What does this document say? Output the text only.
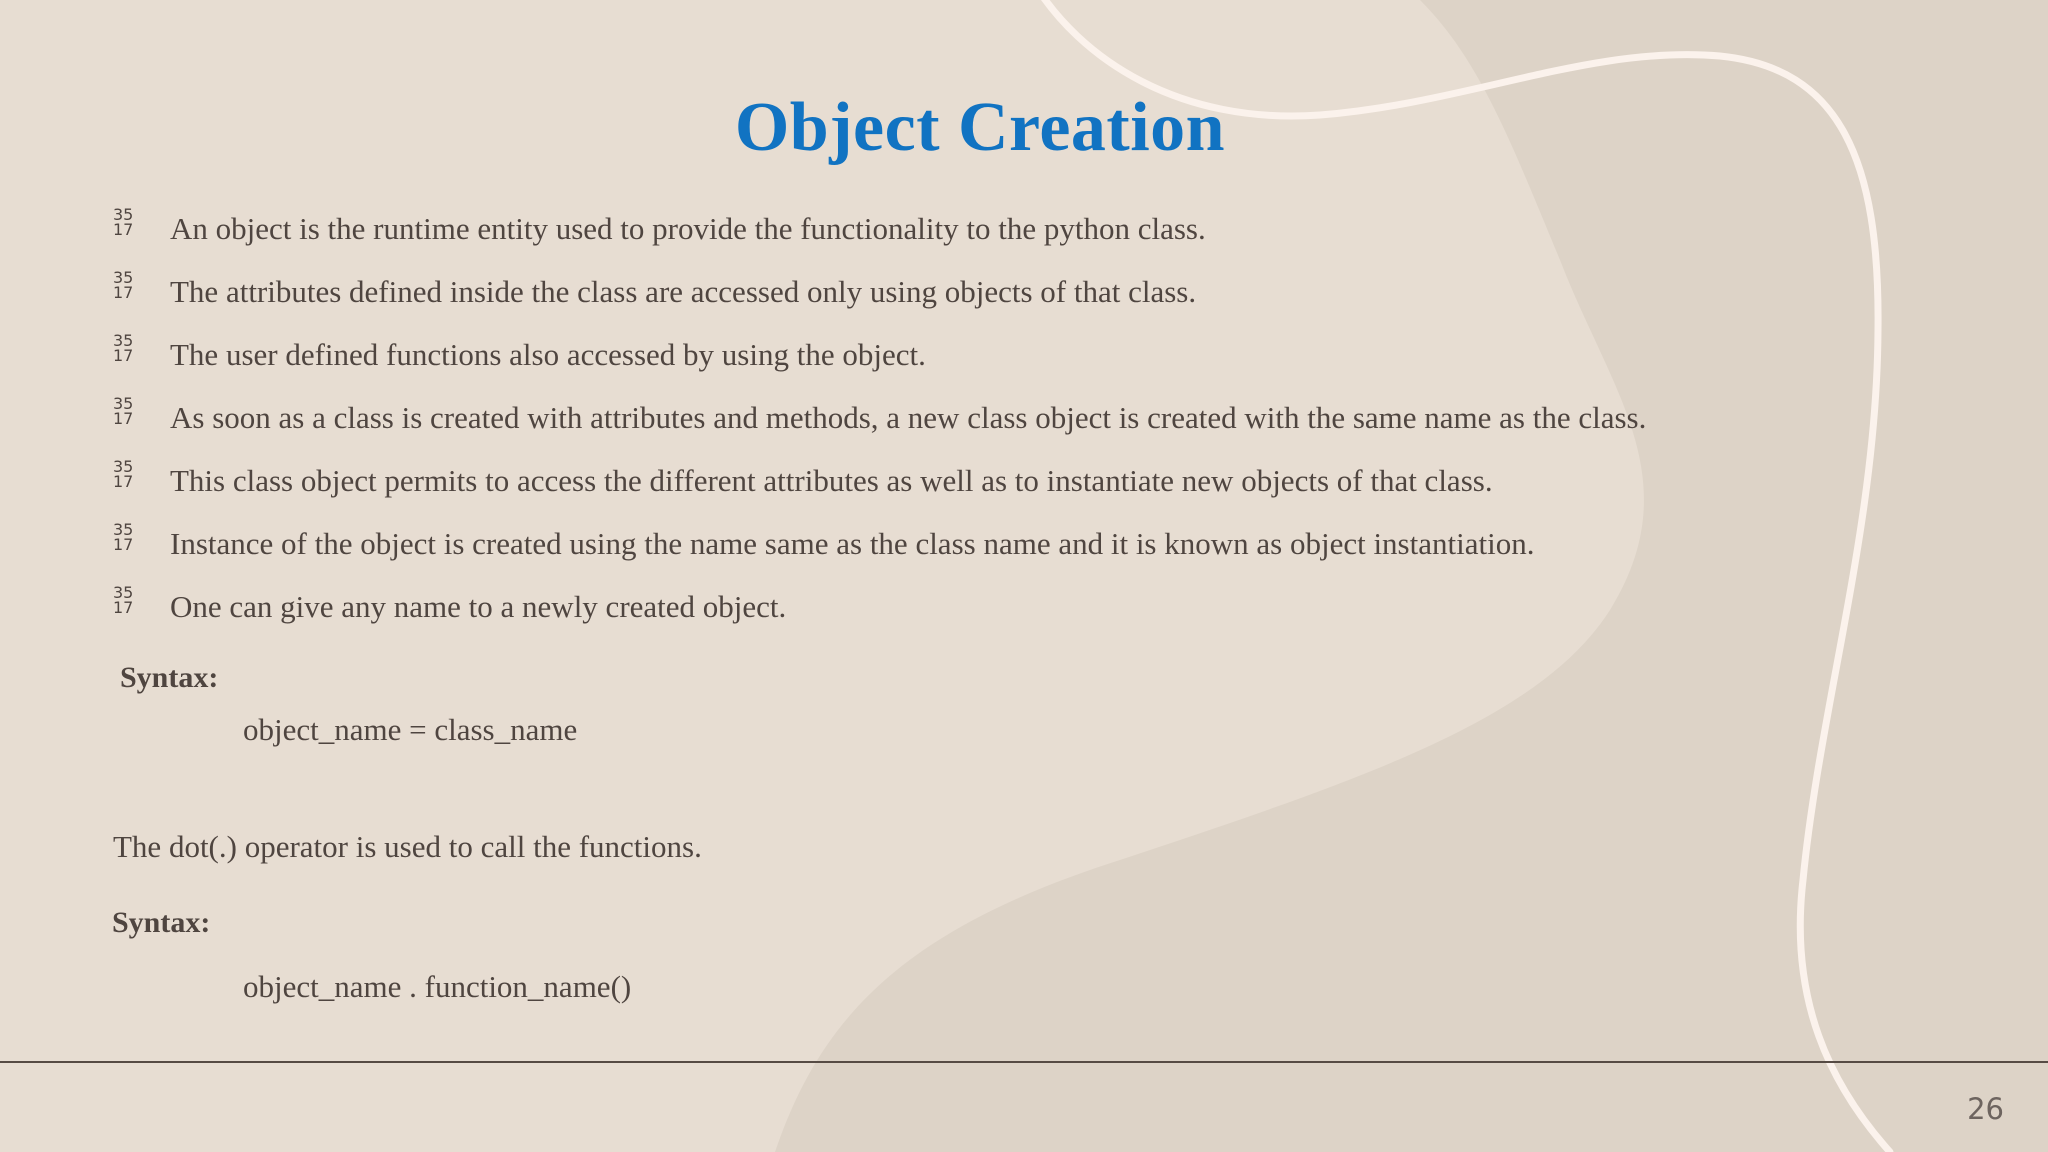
Object Creation
35
17 An object is the runtime entity used to provide the functionality to the python class.
35
17 The attributes defined inside the class are accessed only using objects of that class.
35
17 The user defined functions also accessed by using the object.
35
17 As soon as a class is created with attributes and methods, a new class object is created with the same name as the class.
35
17 This class object permits to access the different attributes as well as to instantiate new objects of that class.
35
17 Instance of the object is created using the name same as the class name and it is known as object instantiation.
35
17 One can give any name to a newly created object.
Syntax:
object_name = class_name
The dot(.) operator is used to call the functions.
Syntax:
object_name . function_name()
26
